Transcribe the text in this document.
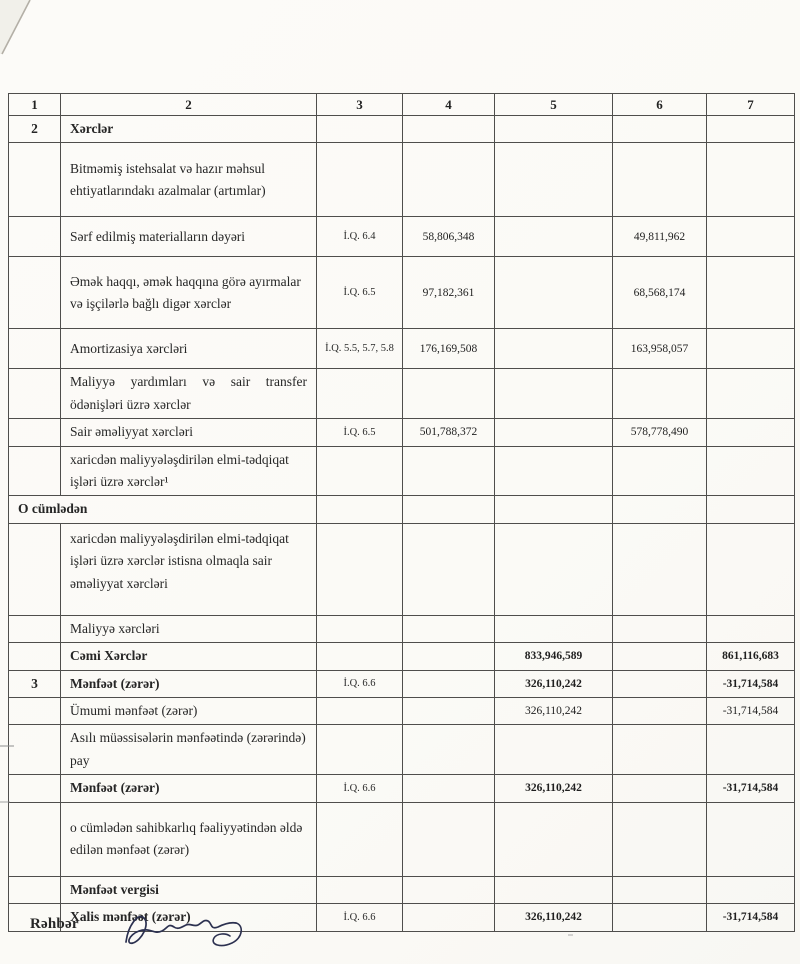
1	2	3	4	5	6	7
2	Xərclər					
	Bitməmiş istehsalat və hazır məhsul ehtiyatlarındakı azalmalar (artımlar)					
	Sərf edilmiş materialların dəyəri	İ.Q. 6.4	58,806,348		49,811,962	
	Əmək haqqı, əmək haqqına görə ayırmalar və işçilərlə bağlı digər xərclər	İ.Q. 6.5	97,182,361		68,568,174	
	Amortizasiya xərcləri	İ.Q. 5.5, 5.7, 5.8	176,169,508		163,958,057	
	Maliyyə yardımları və sair transfer ödənişləri üzrə xərclər					
	Sair əməliyyat xərcləri	İ.Q. 6.5	501,788,372		578,778,490	
	xaricdən maliyyələşdirilən elmi-tədqiqat işləri üzrə xərclər¹					
O cümlədən						
	xaricdən maliyyələşdirilən elmi-tədqiqat işləri üzrə xərclər istisna olmaqla sair əməliyyat xərcləri					
	Maliyyə xərcləri					
	Cəmi Xərclər			833,946,589		861,116,683
3	Mənfəət (zərər)	İ.Q. 6.6		326,110,242		-31,714,584
	Ümumi mənfəət (zərər)			326,110,242		-31,714,584
	Asılı müəssisələrin mənfəətində (zərərində) pay					
	Mənfəət (zərər)	İ.Q. 6.6		326,110,242		-31,714,584
	o cümlədən sahibkarlıq fəaliyyətindən əldə edilən mənfəət (zərər)					
	Mənfəət vergisi					
	Xalis mənfəət (zərər)	İ.Q. 6.6		326,110,242		-31,714,584
Rəhbər
